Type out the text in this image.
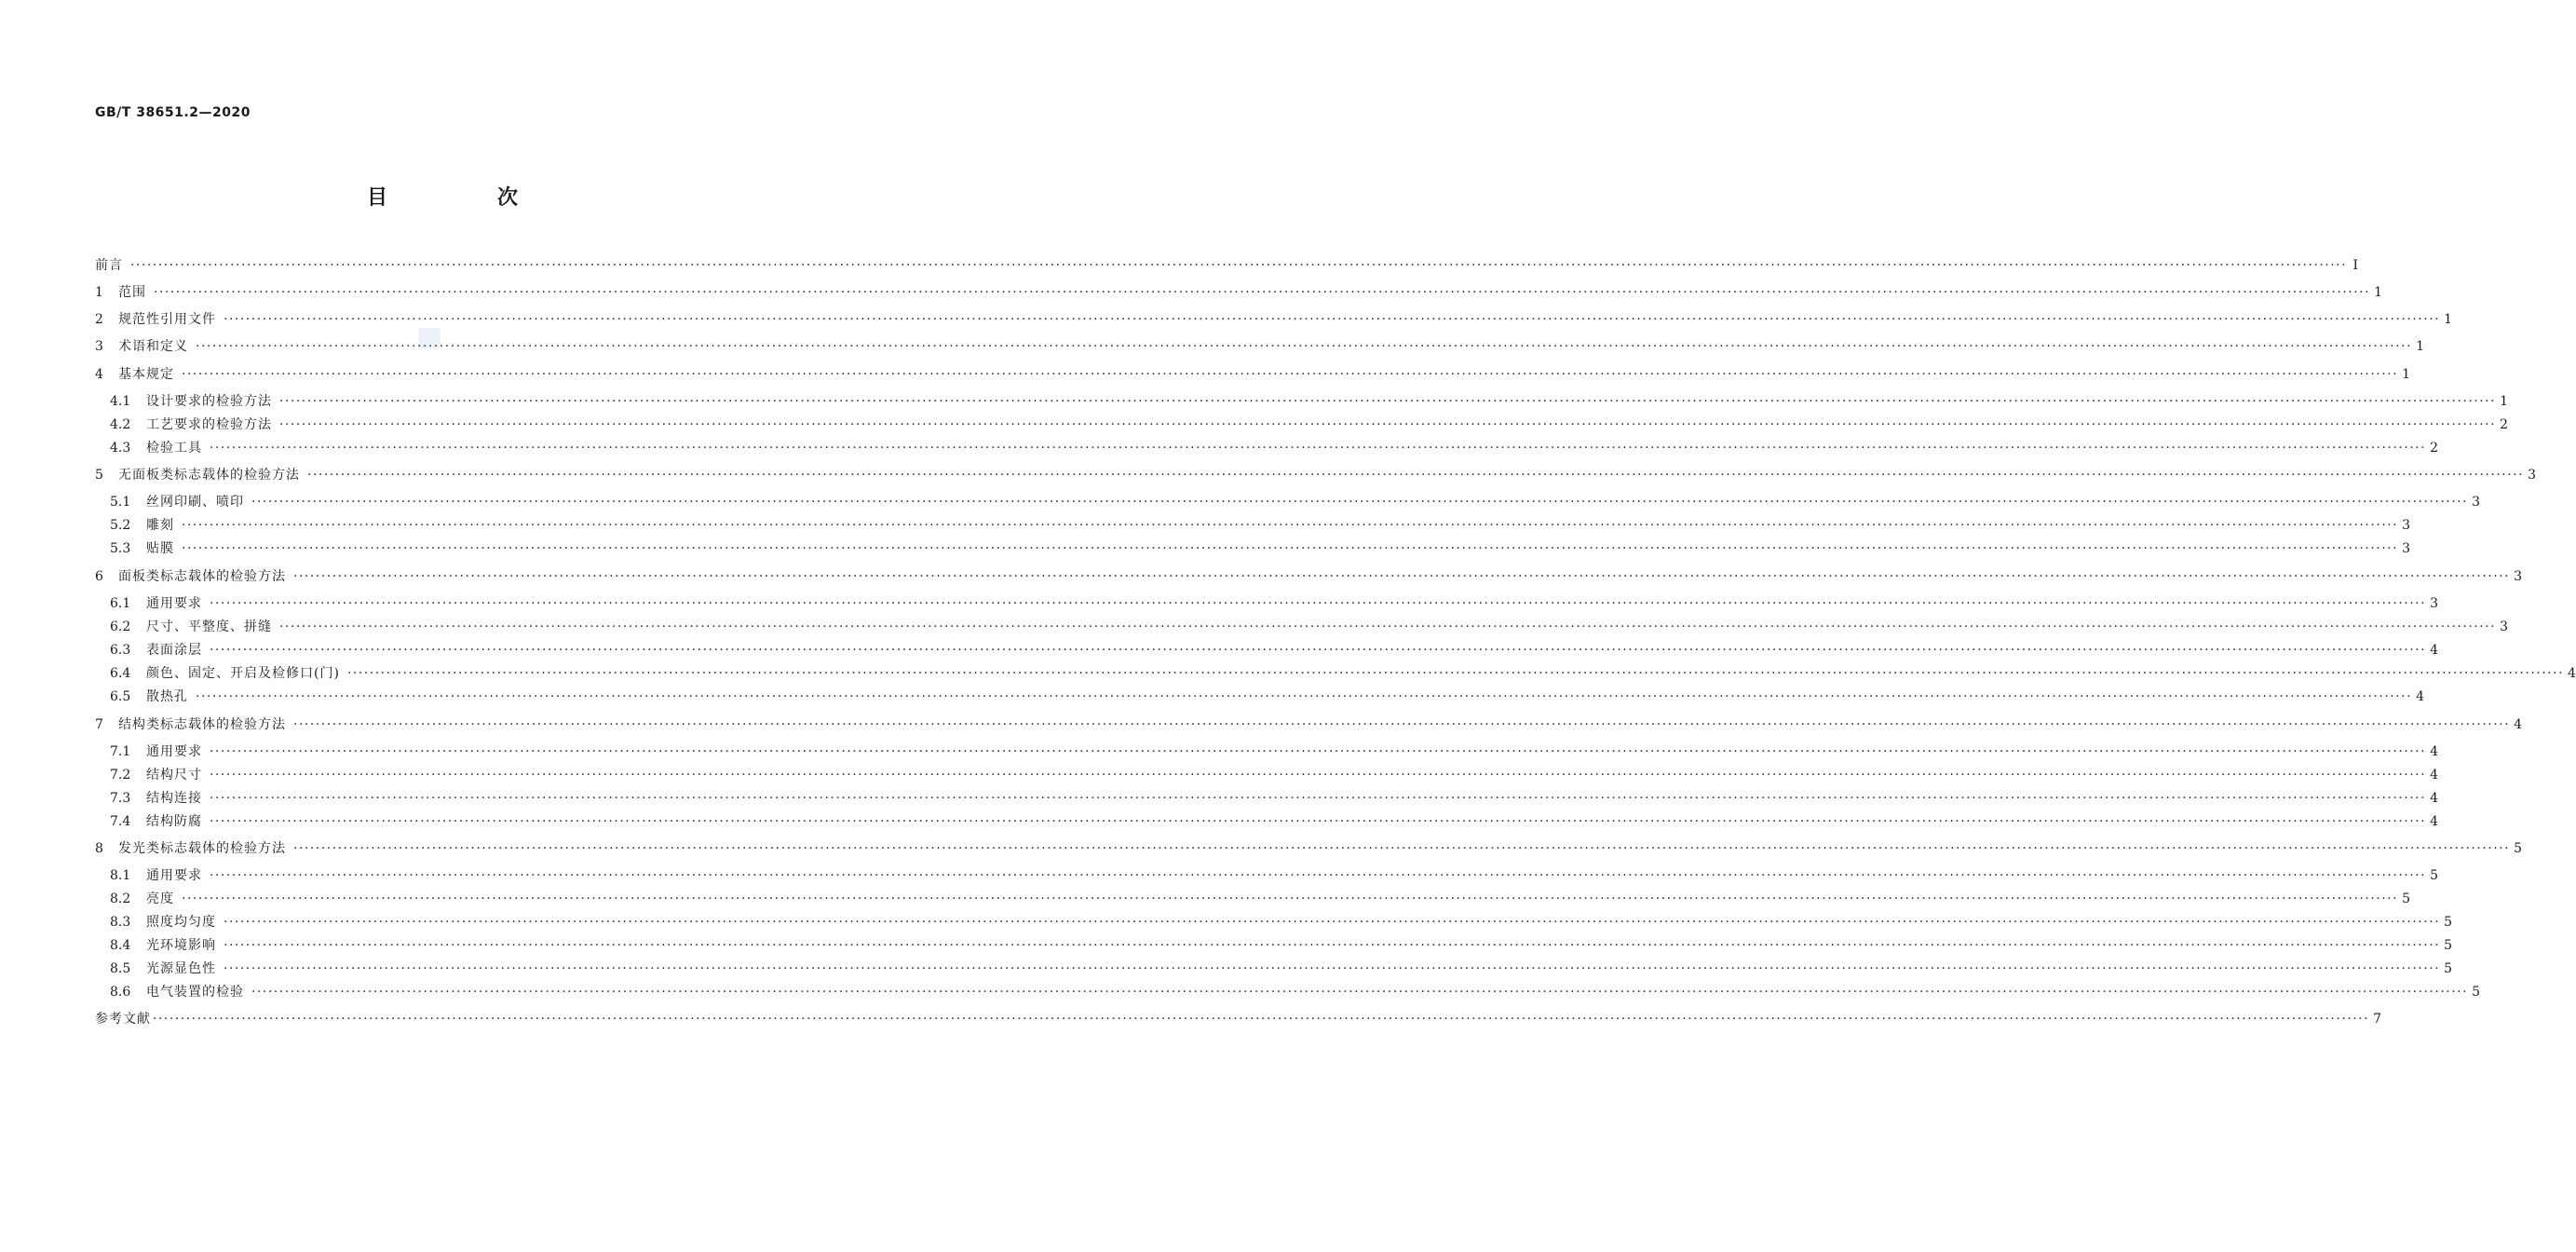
GB/T 38651.2—2020
目　次
前言 ················································································································································································································································································································································································································ Ⅰ
1	范围 ················································································································································································································································································································································································································ 1
2	规范性引用文件 ················································································································································································································································································································································································································ 1
3	术语和定义 ················································································································································································································································································································································································································ 1
4	基本规定 ················································································································································································································································································································································································································ 1
4.1	设计要求的检验方法 ················································································································································································································································································································································································································ 1
4.2	工艺要求的检验方法 ················································································································································································································································································································································································································ 2
4.3	检验工具 ················································································································································································································································································································································································································ 2
5	无面板类标志载体的检验方法 ················································································································································································································································································································································································································ 3
5.1	丝网印刷、喷印 ················································································································································································································································································································································································································ 3
5.2	雕刻 ················································································································································································································································································································································································································ 3
5.3	贴膜 ················································································································································································································································································································································································································ 3
6	面板类标志载体的检验方法 ················································································································································································································································································································································································································ 3
6.1	通用要求 ················································································································································································································································································································································································································ 3
6.2	尺寸、平整度、拼缝 ················································································································································································································································································································································································································ 3
6.3	表面涂层 ················································································································································································································································································································································································································ 4
6.4	颜色、固定、开启及检修口(门) ················································································································································································································································································································································································································ 4
6.5	散热孔 ················································································································································································································································································································································································································ 4
7	结构类标志载体的检验方法 ················································································································································································································································································································································································································ 4
7.1	通用要求 ················································································································································································································································································································································································································ 4
7.2	结构尺寸 ················································································································································································································································································································································································································ 4
7.3	结构连接 ················································································································································································································································································································································································································ 4
7.4	结构防腐 ················································································································································································································································································································································································································ 4
8	发光类标志载体的检验方法 ················································································································································································································································································································································································································ 5
8.1	通用要求 ················································································································································································································································································································································································································ 5
8.2	亮度 ················································································································································································································································································································································································································ 5
8.3	照度均匀度 ················································································································································································································································································································································································································ 5
8.4	光环境影响 ················································································································································································································································································································································································································ 5
8.5	光源显色性 ················································································································································································································································································································································································································ 5
8.6	电气装置的检验 ················································································································································································································································································································································································································ 5
参考文献 ················································································································································································································································································································································································································ 7
